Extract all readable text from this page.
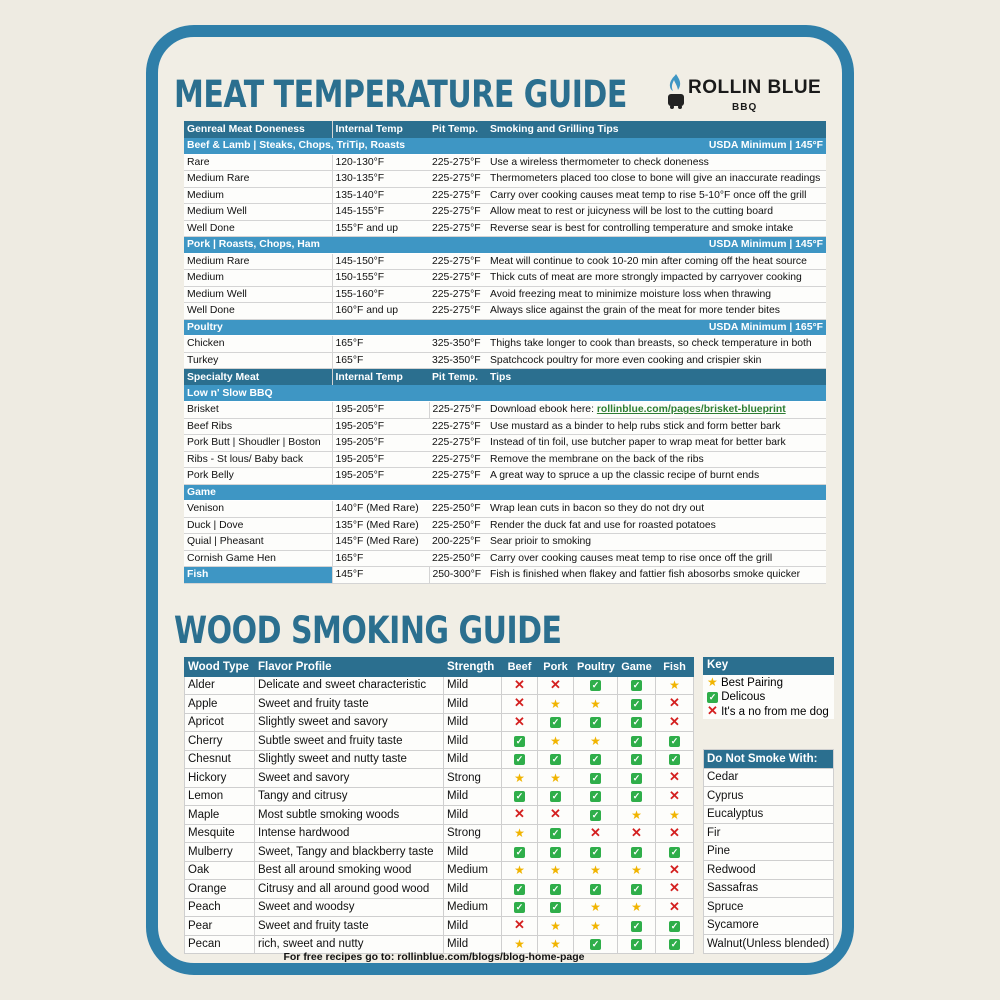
MEAT TEMPERATURE GUIDE	ROLLIN BLUE
BBQ
Genreal Meat Doneness	Internal Temp	Pit Temp.	Smoking and Grilling Tips
Beef & Lamb | Steaks, Chops, TriTip, Roasts			USDA Minimum | 145°F
Rare	120-130°F	225-275°F	Use a wireless thermometer to check doneness
Medium Rare	130-135°F	225-275°F	Thermometers placed too close to bone will give an inaccurate readings
Medium	135-140°F	225-275°F	Carry over cooking causes meat temp to rise 5-10°F once off the grill
Medium Well	145-155°F	225-275°F	Allow meat to rest or juicyness will be lost to the cutting board
Well Done	155°F and up	225-275°F	Reverse sear is best for controlling temperature and smoke intake
Pork | Roasts, Chops, Ham			USDA Minimum | 145°F
Medium Rare	145-150°F	225-275°F	Meat will continue to cook 10-20 min after coming off the heat source
Medium	150-155°F	225-275°F	Thick cuts of meat are more strongly impacted by carryover cooking
Medium Well	155-160°F	225-275°F	Avoid freezing meat to minimize moisture loss when thrawing
Well Done	160°F and up	225-275°F	Always slice against the grain of the meat for more tender bites
Poultry			USDA Minimum | 165°F
Chicken	165°F	325-350°F	Thighs take longer to cook than breasts, so check temperature in both
Turkey	165°F	325-350°F	Spatchcock poultry for more even cooking and crispier skin
Specialty Meat	Internal Temp	Pit Temp.	Tips
Low n' Slow BBQ			
Brisket	195-205°F	225-275°F	Download ebook here: rollinblue.com/pages/brisket-blueprint
Beef Ribs	195-205°F	225-275°F	Use mustard as a binder to help rubs stick and form better bark
Pork Butt | Shoudler | Boston	195-205°F	225-275°F	Instead of tin foil, use butcher paper to wrap meat for better bark
Ribs - St lous/ Baby back	195-205°F	225-275°F	Remove the membrane on the back of the ribs
Pork Belly	195-205°F	225-275°F	A great way to spruce a up the classic recipe of burnt ends
Game			
Venison	140°F (Med Rare)	225-250°F	Wrap lean cuts in bacon so they do not dry out
Duck | Dove	135°F (Med Rare)	225-250°F	Render the duck fat and use for roasted potatoes
Quial | Pheasant	145°F (Med Rare)	200-225°F	Sear prioir to smoking
Cornish Game Hen	165°F	225-250°F	Carry over cooking causes meat temp to rise once off the grill
Fish	145°F	250-300°F	Fish is finished when flakey and fattier fish abosorbs smoke quicker
WOOD SMOKING GUIDE
Wood Type	Flavor Profile	Strength	Beef	Pork	Poultry	Game	Fish
Alder	Delicate and sweet characteristic	Mild	✕	✕	✓	✓	★
Apple	Sweet and fruity taste	Mild	✕	★	★	✓	✕
Apricot	Slightly sweet and savory	Mild	✕	✓	✓	✓	✕
Cherry	Subtle sweet and fruity taste	Mild	✓	★	★	✓	✓
Chesnut	Slightly sweet and nutty taste	Mild	✓	✓	✓	✓	✓
Hickory	Sweet and savory	Strong	★	★	✓	✓	✕
Lemon	Tangy and citrusy	Mild	✓	✓	✓	✓	✕
Maple	Most subtle smoking woods	Mild	✕	✕	✓	★	★
Mesquite	Intense hardwood	Strong	★	✓	✕	✕	✕
Mulberry	Sweet, Tangy and blackberry taste	Mild	✓	✓	✓	✓	✓
Oak	Best all around smoking wood	Medium	★	★	★	★	✕
Orange	Citrusy and all around good wood	Mild	✓	✓	✓	✓	✕
Peach	Sweet and woodsy	Medium	✓	✓	★	★	✕
Pear	Sweet and fruity taste	Mild	✕	★	★	✓	✓
Pecan	rich, sweet and nutty	Mild	★	★	✓	✓	✓
Key
★ Best Pairing
✓ Delicous
✕ It's a no from me dog
Do Not Smoke With:
Cedar
Cyprus
Eucalyptus
Fir
Pine
Redwood
Sassafras
Spruce
Sycamore
Walnut(Unless blended)
For free recipes go to: rollinblue.com/blogs/blog-home-page
